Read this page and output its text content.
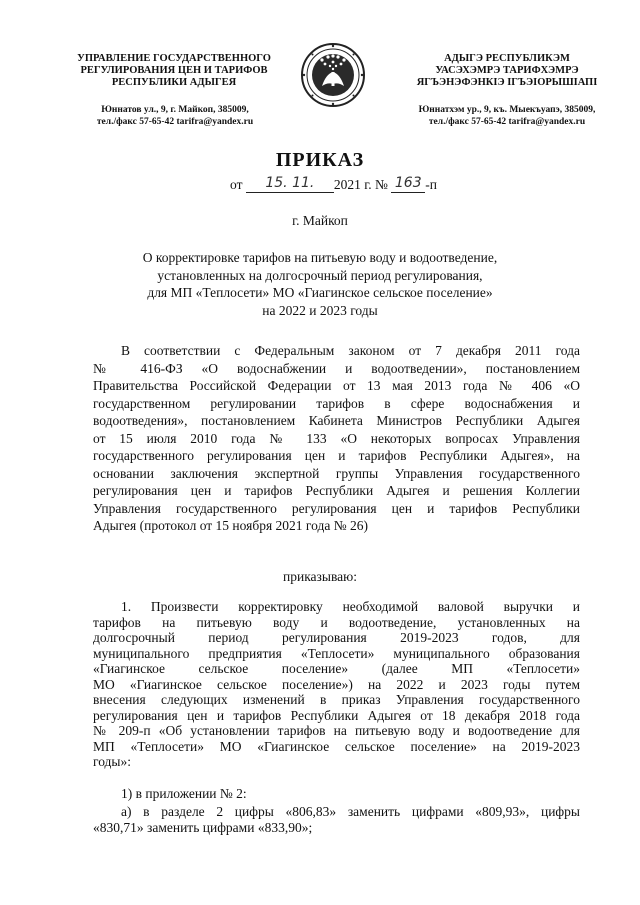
УПРАВЛЕНИЕ ГОСУДАРСТВЕННОГО
РЕГУЛИРОВАНИЯ ЦЕН И ТАРИФОВ
РЕСПУБЛИКИ АДЫГЕЯ
Юннатов ул., 9, г. Майкоп, 385009,
тел./факс 57-65-42 tarifra@yandex.ru
АДЫГЭ РЕСПУБЛИКЭМ
УАСЭХЭМРЭ ТАРИФХЭМРЭ
ЯГЪЭНЭФЭНКIЭ IГЪЭIОРЫШIАПI
Юннатхэм ур., 9, къ. Мыекъуапэ, 385009,
тел./факс 57-65-42 tarifra@yandex.ru
ПРИКАЗ
от 15. 11. 2021 г. № 163 -п
г. Майкоп
О корректировке тарифов на питьевую воду и водоотведение,
установленных на долгосрочный период регулирования,
для МП «Теплосети» МО «Гиагинское сельское поселение»
на 2022 и 2023 годы
В соответствии с Федеральным законом от 7 декабря 2011 года
№ 416-ФЗ «О водоснабжении и водоотведении», постановлением
Правительства Российской Федерации от 13 мая 2013 года № 406 «О
государственном регулировании тарифов в сфере водоснабжения и
водоотведения», постановлением Кабинета Министров Республики Адыгея
от 15 июля 2010 года № 133 «О некоторых вопросах Управления
государственного регулирования цен и тарифов Республики Адыгея», на
основании заключения экспертной группы Управления государственного
регулирования цен и тарифов Республики Адыгея и решения Коллегии
Управления государственного регулирования цен и тарифов Республики
Адыгея (протокол от 15 ноября 2021 года № 26)
приказываю:
1. Произвести корректировку необходимой валовой выручки и
тарифов на питьевую воду и водоотведение, установленных на
долгосрочный период регулирования 2019-2023 годов, для
муниципального предприятия «Теплосети» муниципального образования
«Гиагинское сельское поселение» (далее МП «Теплосети»
МО «Гиагинское сельское поселение») на 2022 и 2023 годы путем
внесения следующих изменений в приказ Управления государственного
регулирования цен и тарифов Республики Адыгея от 18 декабря 2018 года
№ 209-п «Об установлении тарифов на питьевую воду и водоотведение для
МП «Теплосети» МО «Гиагинское сельское поселение» на 2019-2023
годы»:
1) в приложении № 2:
а) в разделе 2 цифры «806,83» заменить цифрами «809,93», цифры
«830,71» заменить цифрами «833,90»;
